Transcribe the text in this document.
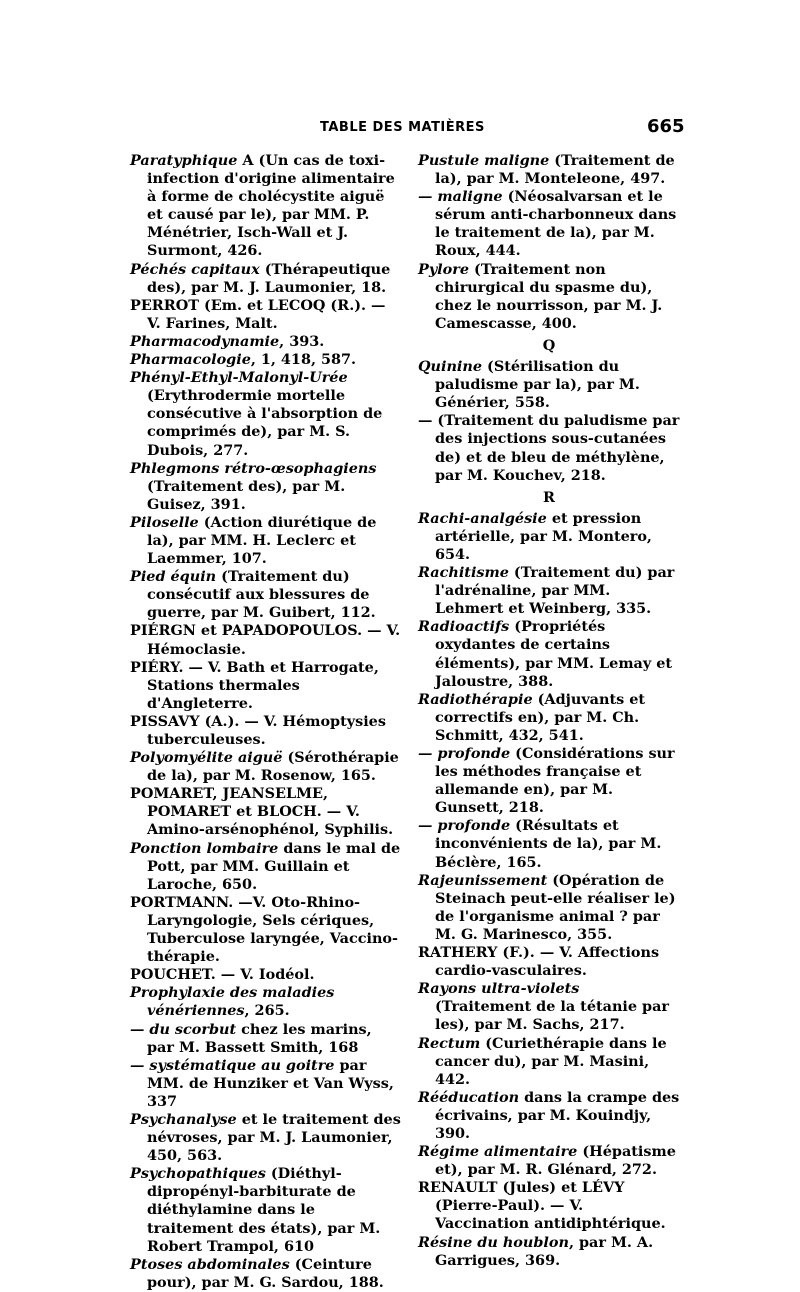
TABLE DES MATIÈRES	665
Paratyphique A (Un cas de toxi-infection d'origine alimentaire à forme de cholécystite aiguë et causé par le), par MM. P. Ménétrier, Isch-Wall et J. Surmont, 426.
Péchés capitaux (Thérapeutique des), par M. J. Laumonier, 18.
PERROT (Em. et LECOQ (R.). — V. Farines, Malt.
Pharmacodynamie, 393.
Pharmacologie, 1, 418, 587.
Phényl-Ethyl-Malonyl-Urée (Erythrodermie mortelle consécutive à l'absorption de comprimés de), par M. S. Dubois, 277.
Phlegmons rétro-œsophagiens (Traitement des), par M. Guisez, 391.
Piloselle (Action diurétique de la), par MM. H. Leclerc et Laemmer, 107.
Pied équin (Traitement du) consécutif aux blessures de guerre, par M. Guibert, 112.
PIÉRGN et PAPADOPOULOS. — V. Hémoclasie.
PIÉRY. — V. Bath et Harrogate, Stations thermales d'Angleterre.
PISSAVY (A.). — V. Hémoptysies tuberculeuses.
Polyomyélite aiguë (Sérothérapie de la), par M. Rosenow, 165.
POMARET, JEANSELME, POMARET et BLOCH. — V. Amino-arsénophénol, Syphilis.
Ponction lombaire dans le mal de Pott, par MM. Guillain et Laroche, 650.
PORTMANN. —V. Oto-Rhino-Laryngologie, Sels cériques, Tuberculose laryngée, Vaccino-thérapie.
POUCHET. — V. Iodéol.
Prophylaxie des maladies vénériennes, 265.
— du scorbut chez les marins, par M. Bassett Smith, 168
— systématique au goitre par MM. de Hunziker et Van Wyss, 337
Psychanalyse et le traitement des névroses, par M. J. Laumonier, 450, 563.
Psychopathiques (Diéthyl-dipropényl-barbiturate de diéthylamine dans le traitement des états), par M. Robert Trampol, 610
Ptoses abdominales (Ceinture pour), par M. G. Sardou, 188.
Pustule maligne (Traitement de la), par M. Monteleone, 497.
— maligne (Néosalvarsan et le sérum anti-charbonneux dans le traitement de la), par M. Roux, 444.
Pylore (Traitement non chirurgical du spasme du), chez le nourrisson, par M. J. Camescasse, 400.
Q
Quinine (Stérilisation du paludisme par la), par M. Générier, 558.
— (Traitement du paludisme par des injections sous-cutanées de) et de bleu de méthylène, par M. Kouchev, 218.
R
Rachi-analgésie et pression artérielle, par M. Montero, 654.
Rachitisme (Traitement du) par l'adrénaline, par MM. Lehmert et Weinberg, 335.
Radioactifs (Propriétés oxydantes de certains éléments), par MM. Lemay et Jaloustre, 388.
Radiothérapie (Adjuvants et correctifs en), par M. Ch. Schmitt, 432, 541.
— profonde (Considérations sur les méthodes française et allemande en), par M. Gunsett, 218.
— profonde (Résultats et inconvénients de la), par M. Béclère, 165.
Rajeunissement (Opération de Steinach peut-elle réaliser le) de l'organisme animal ? par M. G. Marinesco, 355.
RATHERY (F.). — V. Affections cardio-vasculaires.
Rayons ultra-violets (Traitement de la tétanie par les), par M. Sachs, 217.
Rectum (Curiethérapie dans le cancer du), par M. Masini, 442.
Rééducation dans la crampe des écrivains, par M. Kouindjy, 390.
Régime alimentaire (Hépatisme et), par M. R. Glénard, 272.
RENAULT (Jules) et LÉVY (Pierre-Paul). — V. Vaccination antidiphtérique.
Résine du houblon, par M. A. Garrigues, 369.
